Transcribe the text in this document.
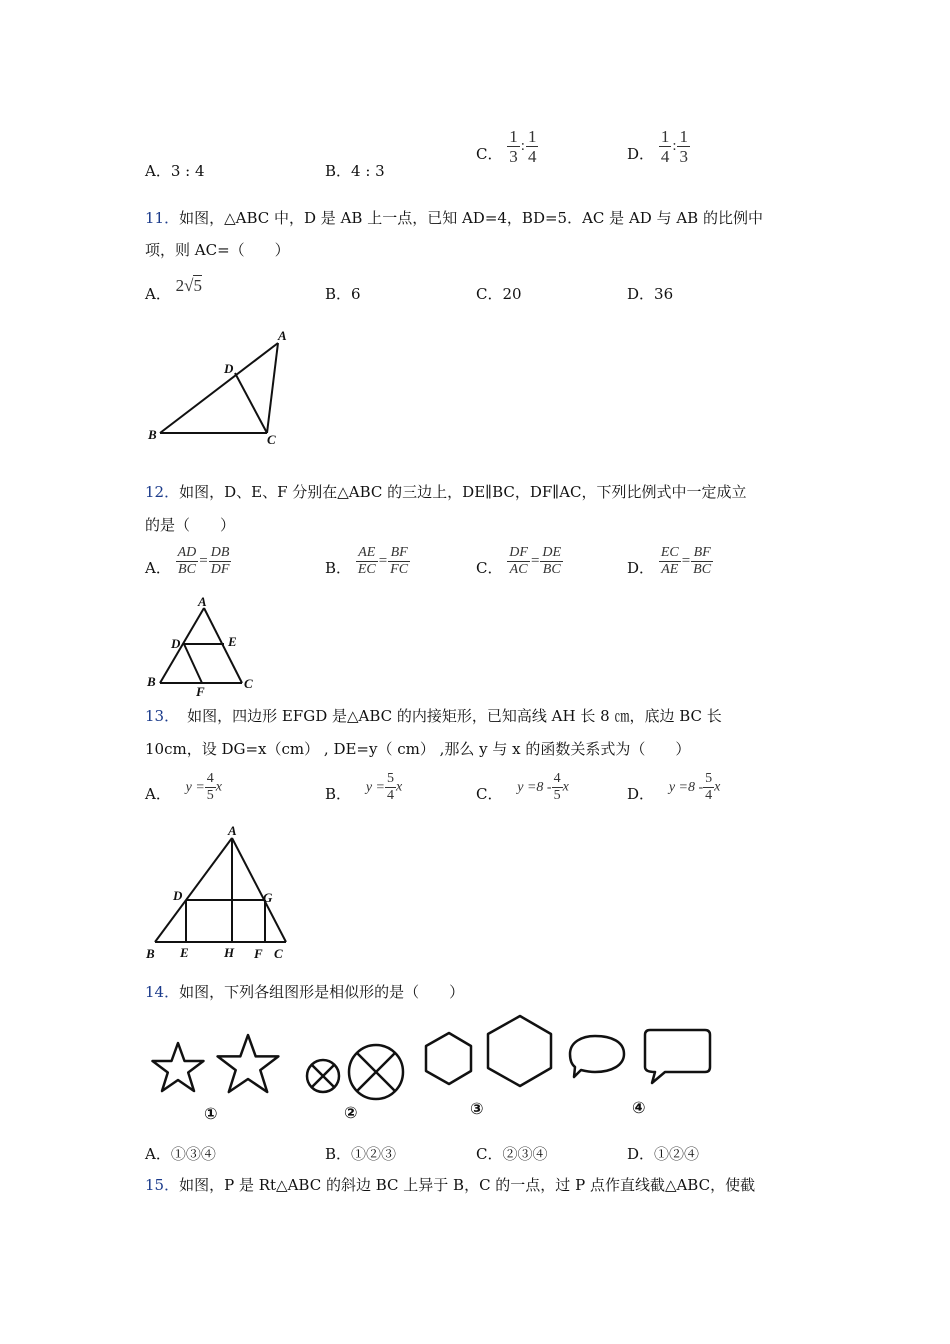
A．3 : 4	B．4 : 3
C． $\frac{1}{3}$ : $\frac{1}{4}$	D． $\frac{1}{4}$ : $\frac{1}{3}$
11．如图，△ABC 中，D 是 AB 上一点，已知 AD=4，BD=5．AC 是 AD 与 AB 的比例中
项，则 AC=（　　）
A． 2√5	B．6	C．20	D．36
A
B	C
D
12．如图，D、E、F 分别在△ABC 的三边上，DE∥BC，DF∥AC，下列比例式中一定成立
的是（　　）
A． $\frac{AD}{BC} = \frac{DB}{DF}$	B． $\frac{AE}{EC} = \frac{BF}{FC}$	C． $\frac{DF}{AC} = \frac{DE}{BC}$	D． $\frac{EC}{AE} = \frac{BF}{BC}$
A
D	E
B	C
F
13． 如图，四边形 EFGD 是△ABC 的内接矩形，已知高线 AH 长 8 ㎝，底边 BC 长
10cm，设 DG=x（cm） , DE=y（ cm） ,那么 y 与 x 的函数关系式为（　　）
A． $y = \frac{4}{5}$ x	B． $y = \frac{5}{4}$ x	C． $y =8 - \frac{4}{5}$ x	D． $y =8 - \frac{5}{4}$ x
A
D	G
B E	H F C
14．如图，下列各组图形是相似形的是（　　）
①	②	③	④
A．①③④	B．①②③	C．②③④	D．①②④
15．如图，P 是 Rt△ABC 的斜边 BC 上异于 B，C 的一点，过 P 点作直线截△ABC，使截
